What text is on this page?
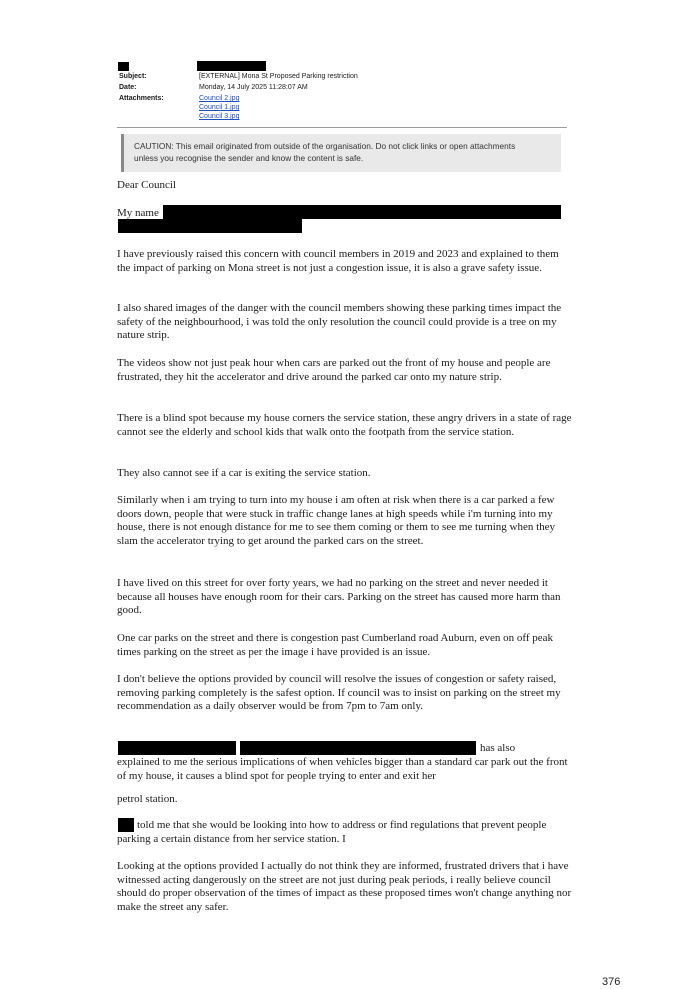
Subject:	[EXTERNAL] Mona St Proposed Parking restriction
Date:	Monday, 14 July 2025 11:28:07 AM
Attachments:	Council 2.jpg
Council 1.jpg
Council 3.jpg
CAUTION: This email originated from outside of the organisation. Do not click links or open attachments
unless you recognise the sender and know the content is safe.
Dear Council
My name

I have previously raised this concern with council members in 2019 and 2023 and explained to them the impact of parking on Mona street is not just a congestion issue, it is also a grave safety issue.

I also shared images of the danger with the council members showing these parking times impact the safety of the neighbourhood, i was told the only resolution the council could provide is a tree on my nature strip.

The videos show not just peak hour when cars are parked out the front of my house and people are frustrated, they hit the accelerator and drive around the parked car onto my nature strip.

There is a blind spot because my house corners the service station, these angry drivers in a state of rage cannot see the elderly and school kids that walk onto the footpath from the service station.

They also cannot see if a car is exiting the service station.

Similarly when i am trying to turn into my house i am often at risk when there is a car parked a few doors down, people that were stuck in traffic change lanes at high speeds while i'm turning into my house, there is not enough distance for me to see them coming or them to see me turning when they slam the accelerator trying to get around the parked cars on the street.

I have lived on this street for over forty years, we had no parking on the street and never needed it because all houses have enough room for their cars. Parking on the street has caused more harm than good.

One car parks on the street and there is congestion past Cumberland road Auburn, even on off peak times parking on the street as per the image i have provided is an issue.

I don't believe the options provided by council will resolve the issues of congestion or safety raised, removing parking completely is the safest option. If council was to insist on parking on the street my recommendation as a daily observer would be from 7pm to 7am only.

has also

explained to me the serious implications of when vehicles bigger than a standard car park out the front of my house, it causes a blind spot for people trying to enter and exit her

petrol station.

told me that she would be looking into how to address or find regulations that prevent people parking a certain distance from her service station. I

Looking at the options provided I actually do not think they are informed, frustrated drivers that i have witnessed acting dangerously on the street are not just during peak periods, i really believe council should do proper observation of the times of impact as these proposed times won't change anything nor make the street any safer.

376
